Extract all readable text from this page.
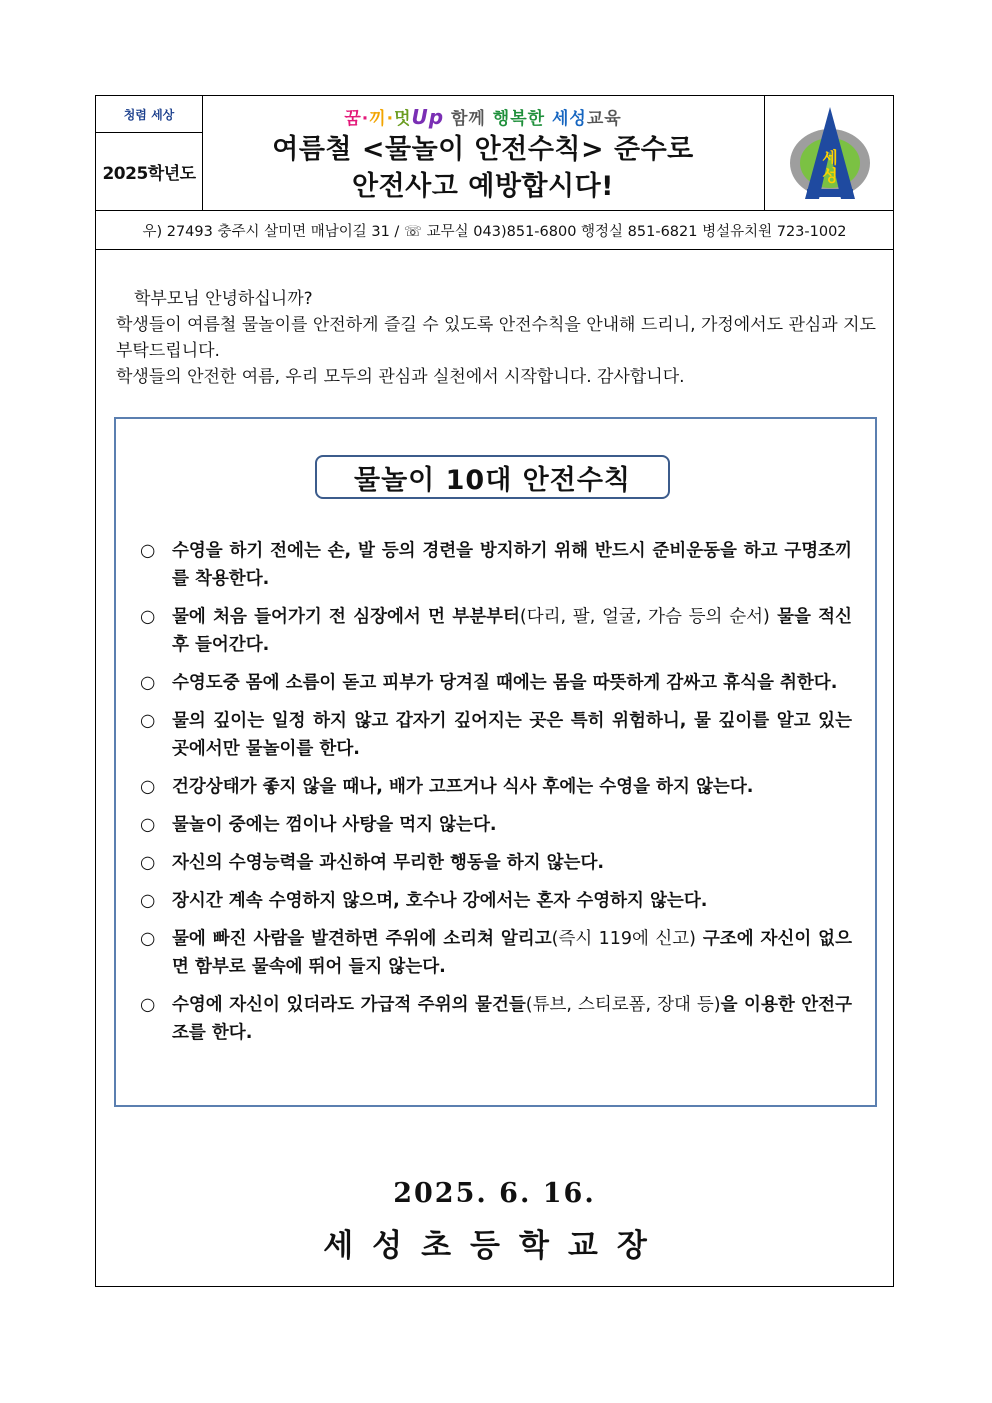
청렴 세상
2025학년도
꿈·끼·멋Up 함께 행복한 세성교육
여름철 <물놀이 안전수칙> 준수로
안전사고 예방합시다!
세
성
우) 27493 충주시 살미면 매남이길 31 / ☏ 교무실 043)851-6800 행정실 851-6821 병설유치원 723-1002
학부모님 안녕하십니까?
학생들이 여름철 물놀이를 안전하게 즐길 수 있도록 안전수칙을 안내해 드리니, 가정에서도 관심과 지도 부탁드립니다.
학생들의 안전한 여름, 우리 모두의 관심과 실천에서 시작합니다. 감사합니다.
물놀이 10대 안전수칙
○ 수영을 하기 전에는 손, 발 등의 경련을 방지하기 위해 반드시 준비운동을 하고 구명조끼를 착용한다.
○ 물에 처음 들어가기 전 심장에서 먼 부분부터(다리, 팔, 얼굴, 가슴 등의 순서) 물을 적신 후 들어간다.
○ 수영도중 몸에 소름이 돋고 피부가 당겨질 때에는 몸을 따뜻하게 감싸고 휴식을 취한다.
○ 물의 깊이는 일정 하지 않고 갑자기 깊어지는 곳은 특히 위험하니, 물 깊이를 알고 있는 곳에서만 물놀이를 한다.
○ 건강상태가 좋지 않을 때나, 배가 고프거나 식사 후에는 수영을 하지 않는다.
○ 물놀이 중에는 껌이나 사탕을 먹지 않는다.
○ 자신의 수영능력을 과신하여 무리한 행동을 하지 않는다.
○ 장시간 계속 수영하지 않으며, 호수나 강에서는 혼자 수영하지 않는다.
○ 물에 빠진 사람을 발견하면 주위에 소리쳐 알리고(즉시 119에 신고) 구조에 자신이 없으면 함부로 물속에 뛰어 들지 않는다.
○ 수영에 자신이 있더라도 가급적 주위의 물건들(튜브, 스티로폼, 장대 등)을 이용한 안전구조를 한다.
2025. 6. 16.
세성초등학교장
